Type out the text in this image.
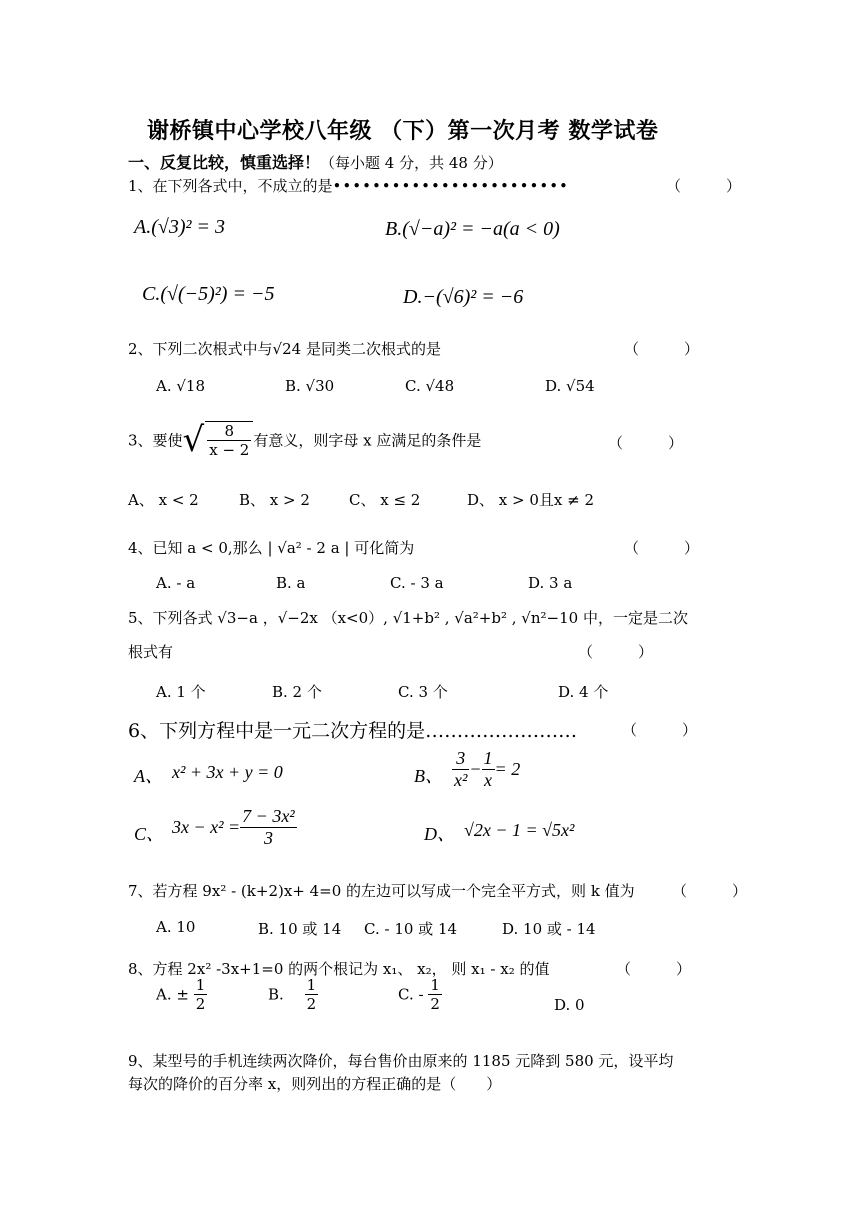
谢桥镇中心学校八年级 （下）第一次月考 数学试卷
一、反复比较，慎重选择！（每小题 4 分，共 48 分）
1、在下列各式中，不成立的是••••••••••••••••••••••••	（　　　）
A.(√3)² = 3	B.(√−a)² = −a(a < 0)
C.(√(−5)²) = −5	D.−(√6)² = −6
2、下列二次根式中与√24 是同类二次根式的是	（　　　）
A. √18	B. √30	C. √48	D. √54
3、要使√ $\frac{8}{x - 2}$ 有意义，则字母 x 应满足的条件是	（　　　）
A、 x < 2	B、 x > 2	C、 x ≤ 2	D、 x > 0且x ≠ 2
4、已知 a < 0,那么 | √a² - 2 a | 可化简为	（　　　）
A. - a	B. a	C. - 3 a	D. 3 a
5、下列各式 √3−a ，√−2x （x<0）, √1+b² , √a²+b² , √n²−10 中，一定是二次
根式有	（　　　）
A. 1 个	B. 2 个	C. 3 个	D. 4 个
6、下列方程中是一元二次方程的是……………………	（　　　）
A、 x² + 3x + y = 0	B、 $\frac{3}{\text{x²}} - \frac{1}{x} = 2$
C、 $3x - x^2 = \frac{\text{7 − 3x²}}{3}$	D、 √2x − 1 = √5x²
7、若方程 9x² - (k+2)x+ 4=0 的左边可以写成一个完全平方式，则 k 值为 （　　　）
A. 10	B. 10 或 14 C. - 10 或 14	D. 10 或 - 14
8、方程 2x² -3x+1=0 的两个根记为 x₁、 x₂， 则 x₁ - x₂ 的值	（　　　）
A. ± $\frac{1}{2}$	B. $\frac{1}{2}$	C. - $\frac{1}{2}$	D. 0
9、某型号的手机连续两次降价，每台售价由原来的 1185 元降到 580 元，设平均
每次的降价的百分率 x，则列出的方程正确的是（　　）
